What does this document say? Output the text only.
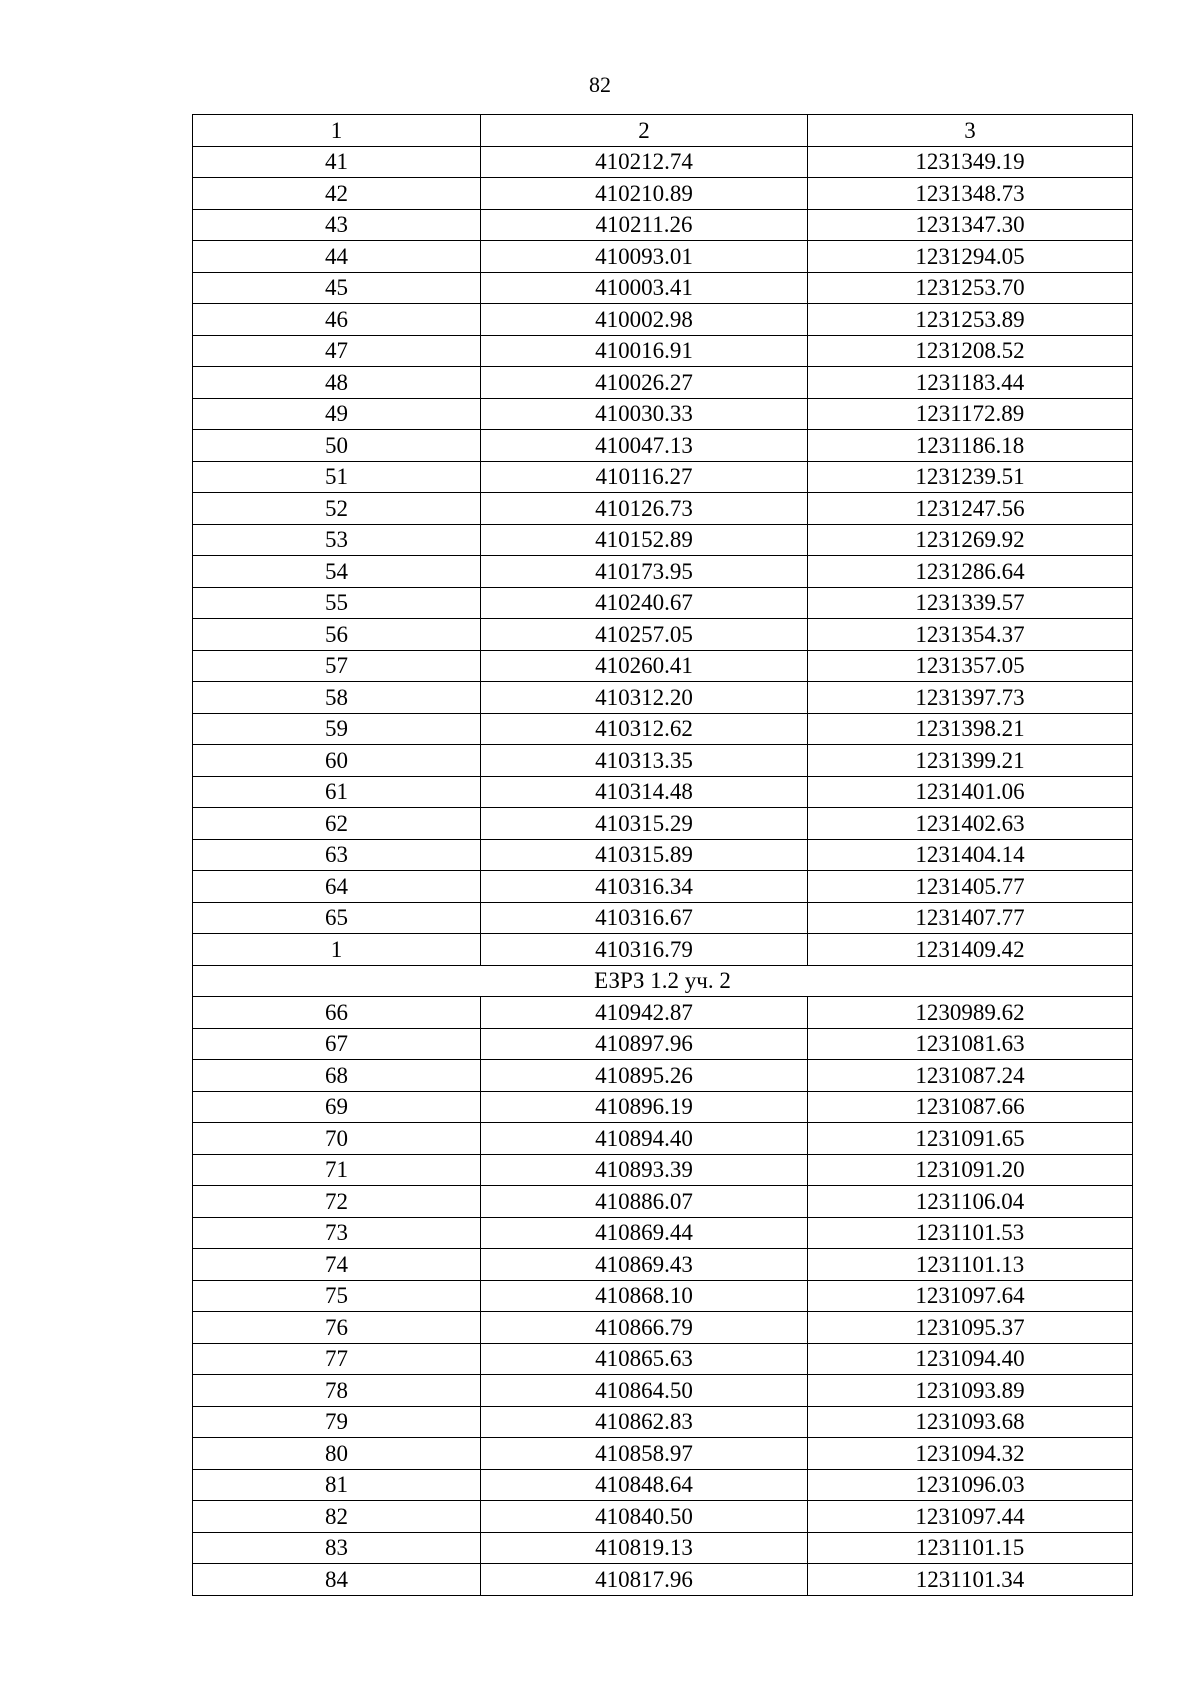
82
1	2	3
41	410212.74	1231349.19
42	410210.89	1231348.73
43	410211.26	1231347.30
44	410093.01	1231294.05
45	410003.41	1231253.70
46	410002.98	1231253.89
47	410016.91	1231208.52
48	410026.27	1231183.44
49	410030.33	1231172.89
50	410047.13	1231186.18
51	410116.27	1231239.51
52	410126.73	1231247.56
53	410152.89	1231269.92
54	410173.95	1231286.64
55	410240.67	1231339.57
56	410257.05	1231354.37
57	410260.41	1231357.05
58	410312.20	1231397.73
59	410312.62	1231398.21
60	410313.35	1231399.21
61	410314.48	1231401.06
62	410315.29	1231402.63
63	410315.89	1231404.14
64	410316.34	1231405.77
65	410316.67	1231407.77
1	410316.79	1231409.42
ЕЗРЗ 1.2 уч. 2		
66	410942.87	1230989.62
67	410897.96	1231081.63
68	410895.26	1231087.24
69	410896.19	1231087.66
70	410894.40	1231091.65
71	410893.39	1231091.20
72	410886.07	1231106.04
73	410869.44	1231101.53
74	410869.43	1231101.13
75	410868.10	1231097.64
76	410866.79	1231095.37
77	410865.63	1231094.40
78	410864.50	1231093.89
79	410862.83	1231093.68
80	410858.97	1231094.32
81	410848.64	1231096.03
82	410840.50	1231097.44
83	410819.13	1231101.15
84	410817.96	1231101.34
